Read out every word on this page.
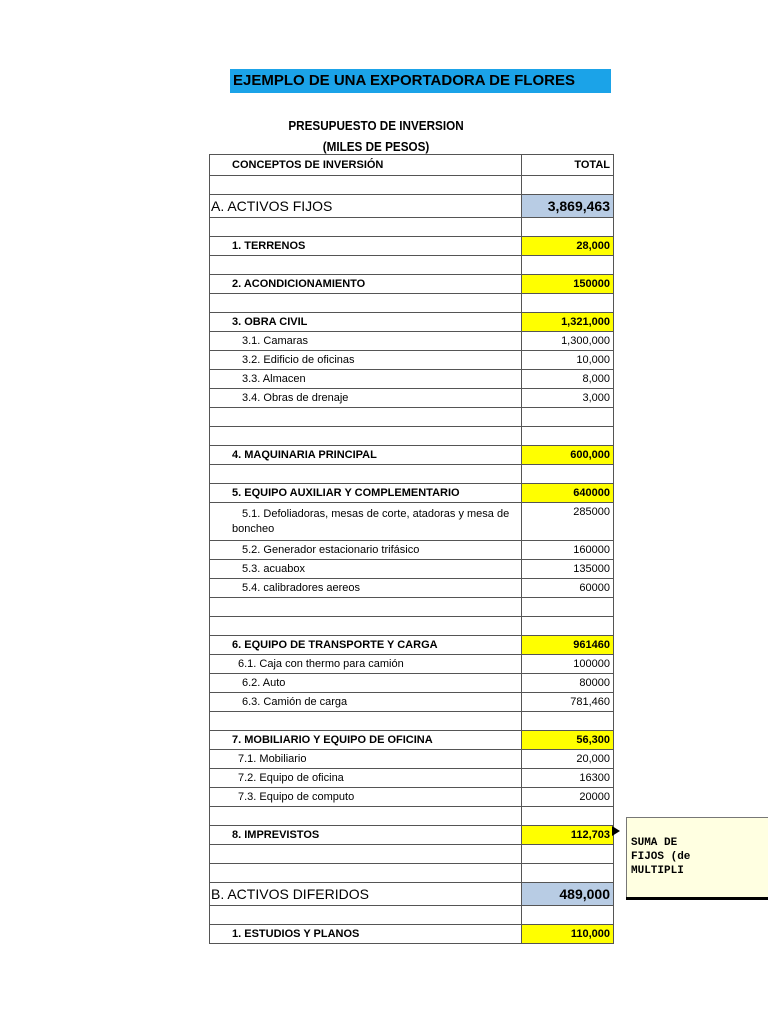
EJEMPLO DE UNA EXPORTADORA DE FLORES
PRESUPUESTO DE INVERSION
(MILES DE PESOS)
CONCEPTOS DE INVERSIÓN	TOTAL

A. ACTIVOS FIJOS	3,869,463

1. TERRENOS	28,000

2. ACONDICIONAMIENTO	150000

3. OBRA CIVIL	1,321,000
3.1. Camaras	1,300,000
3.2. Edificio de oficinas	10,000
3.3. Almacen	8,000
3.4. Obras de drenaje	3,000

4. MAQUINARIA PRINCIPAL	600,000

5. EQUIPO AUXILIAR Y COMPLEMENTARIO	640000
5.1. Defoliadoras, mesas de corte, atadoras y mesa de boncheo	285000
5.2. Generador estacionario trifásico	160000
5.3. acuabox	135000
5.4. calibradores aereos	60000

6. EQUIPO DE TRANSPORTE Y CARGA	961460
6.1. Caja con thermo para camión	100000
6.2. Auto	80000
6.3. Camión de carga	781,460

7. MOBILIARIO Y EQUIPO DE OFICINA	56,300
7.1. Mobiliario	20,000
7.2. Equipo de oficina	16300
7.3. Equipo de computo	20000

8. IMPREVISTOS	112,703

B. ACTIVOS DIFERIDOS	489,000

1. ESTUDIOS Y PLANOS	110,000
SUMA DE
FIJOS (de
MULTIPLI
